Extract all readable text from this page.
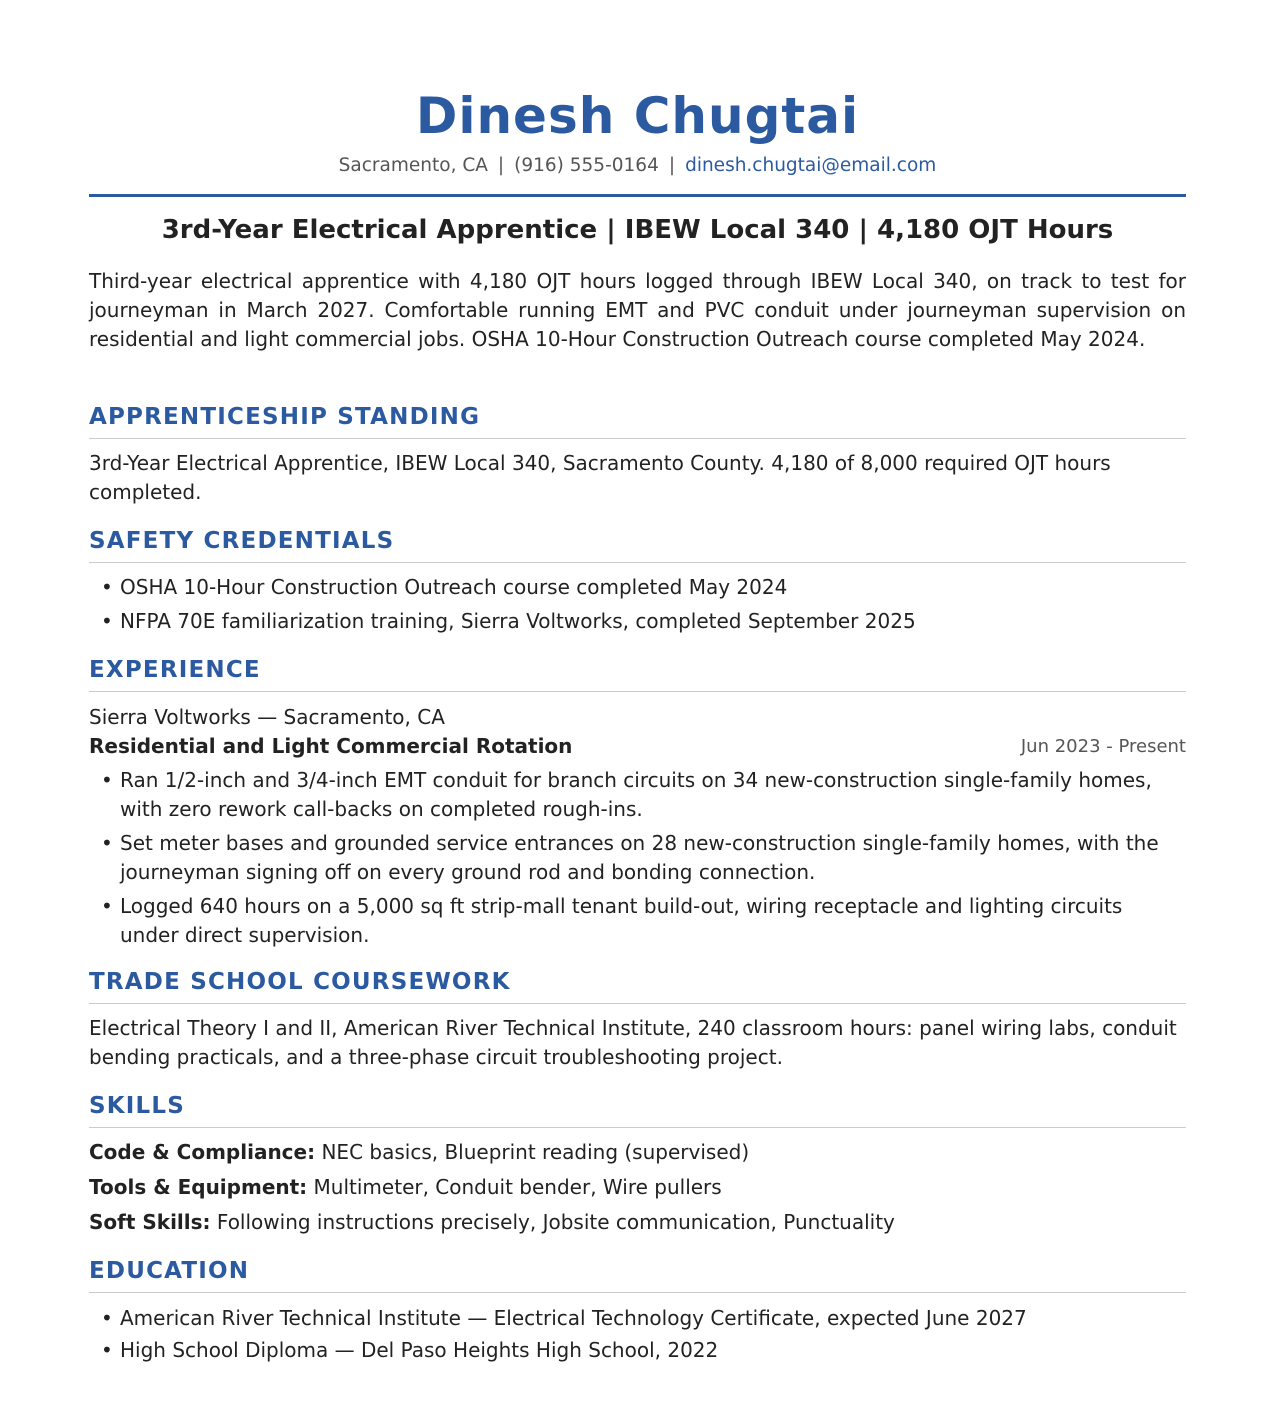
Dinesh Chugtai
Sacramento, CA | (916) 555-0164 | dinesh.chugtai@email.com
3rd-Year Electrical Apprentice | IBEW Local 340 | 4,180 OJT Hours
Third-year electrical apprentice with 4,180 OJT hours logged through IBEW Local 340, on track to test for journeyman in March 2027. Comfortable running EMT and PVC conduit under journeyman supervision on residential and light commercial jobs. OSHA 10-Hour Construction Outreach course completed May 2024.
APPRENTICESHIP STANDING
3rd-Year Electrical Apprentice, IBEW Local 340, Sacramento County. 4,180 of 8,000 required OJT hours completed.
SAFETY CREDENTIALS
• OSHA 10-Hour Construction Outreach course completed May 2024
• NFPA 70E familiarization training, Sierra Voltworks, completed September 2025
EXPERIENCE
Sierra Voltworks — Sacramento, CA
Residential and Light Commercial Rotation	Jun 2023 - Present
• Ran 1/2-inch and 3/4-inch EMT conduit for branch circuits on 34 new-construction single-family homes, with zero rework call-backs on completed rough-ins.
• Set meter bases and grounded service entrances on 28 new-construction single-family homes, with the journeyman signing off on every ground rod and bonding connection.
• Logged 640 hours on a 5,000 sq ft strip-mall tenant build-out, wiring receptacle and lighting circuits under direct supervision.
TRADE SCHOOL COURSEWORK
Electrical Theory I and II, American River Technical Institute, 240 classroom hours: panel wiring labs, conduit bending practicals, and a three-phase circuit troubleshooting project.
SKILLS
Code & Compliance: NEC basics, Blueprint reading (supervised)
Tools & Equipment: Multimeter, Conduit bender, Wire pullers
Soft Skills: Following instructions precisely, Jobsite communication, Punctuality
EDUCATION
• American River Technical Institute — Electrical Technology Certificate, expected June 2027
• High School Diploma — Del Paso Heights High School, 2022
